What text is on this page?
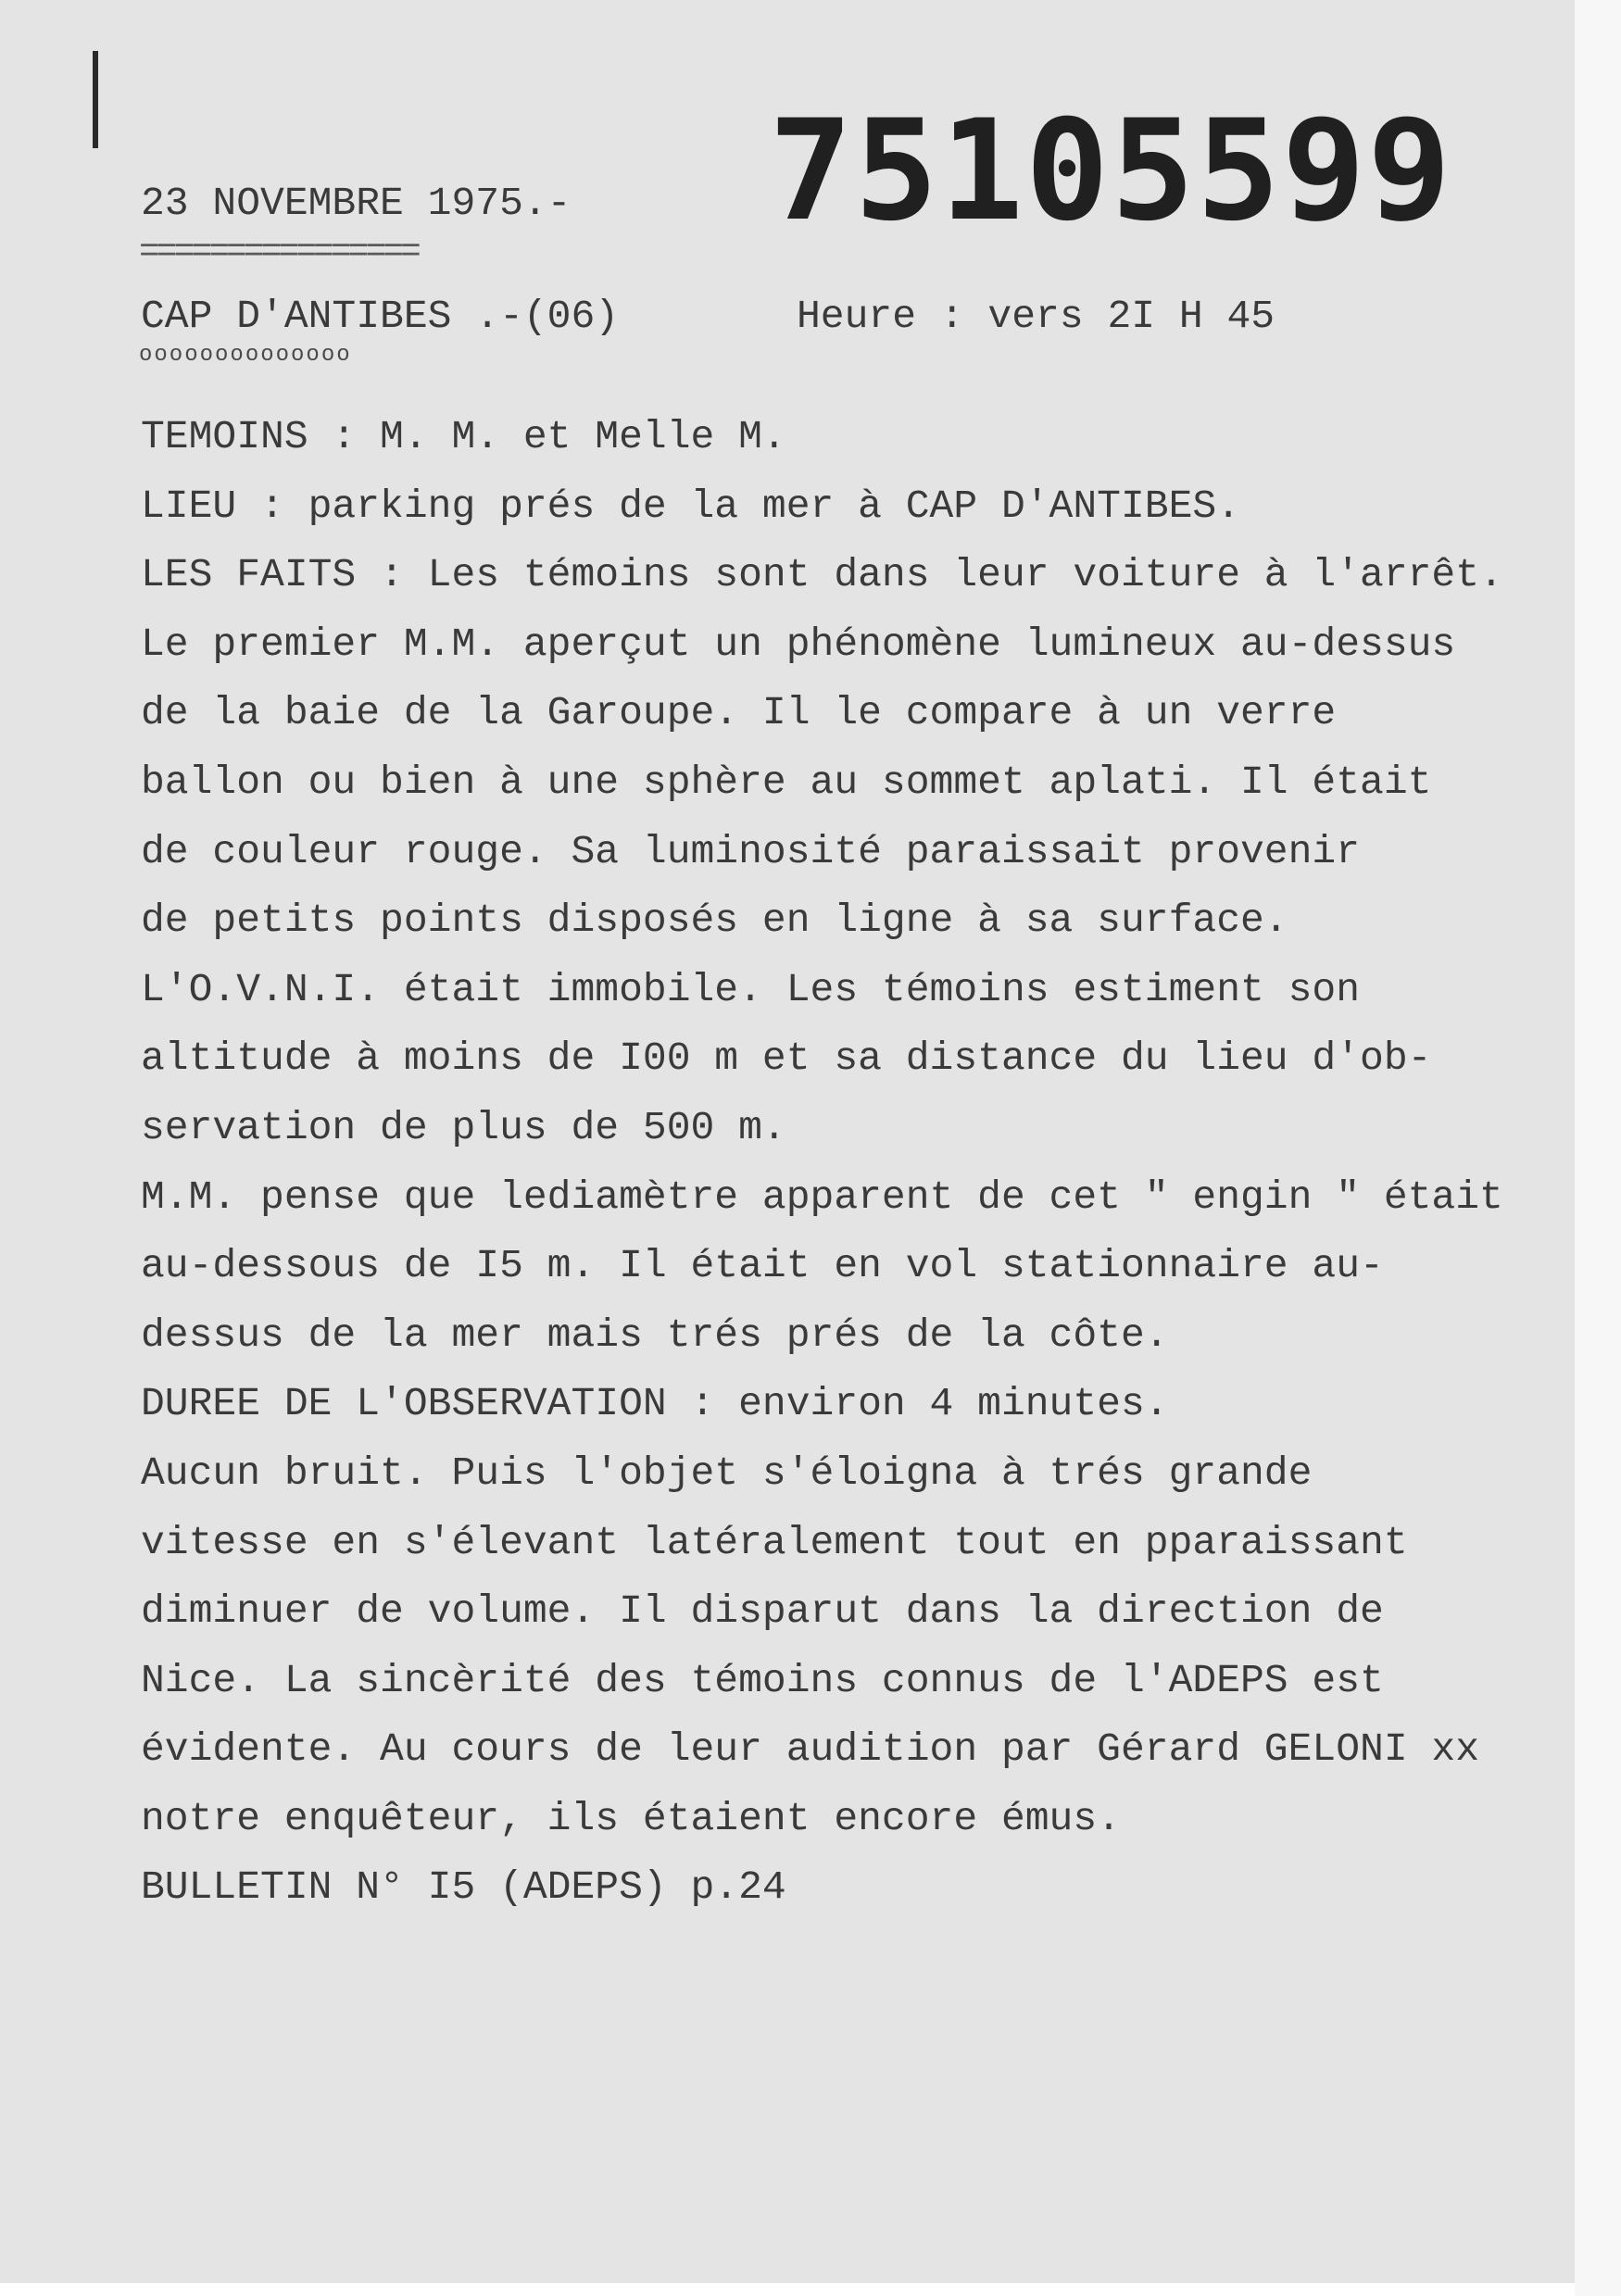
75105599
23 NOVEMBRE 1975.-
================
CAP D'ANTIBES .-(06)	Heure : vers 2I H 45
oooooooooooooo
TEMOINS : M. M. et Melle M.
LIEU : parking prés de la mer à CAP D'ANTIBES.
LES FAITS : Les témoins sont dans leur voiture à l'arrêt.
Le premier M.M. aperçut un phénomène lumineux au-dessus
de la baie de la Garoupe. Il le compare à un verre
ballon ou bien à une sphère au sommet aplati. Il était
de couleur rouge. Sa luminosité paraissait provenir
de petits points disposés en ligne à sa surface.
L'O.V.N.I. était immobile. Les témoins estiment son
altitude à moins de I00 m et sa distance du lieu d'ob-
servation de plus de 500 m.
M.M. pense que lediamètre apparent de cet " engin " était
au-dessous de I5 m. Il était en vol stationnaire au-
dessus de la mer mais trés prés de la côte.
DUREE DE L'OBSERVATION : environ 4 minutes.
Aucun bruit. Puis l'objet s'éloigna à trés grande
vitesse en s'élevant latéralement tout en pparaissant
diminuer de volume. Il disparut dans la direction de
Nice. La sincèrité des témoins connus de l'ADEPS est
évidente. Au cours de leur audition par Gérard GELONI xx
notre enquêteur, ils étaient encore émus.
BULLETIN N° I5 (ADEPS) p.24
